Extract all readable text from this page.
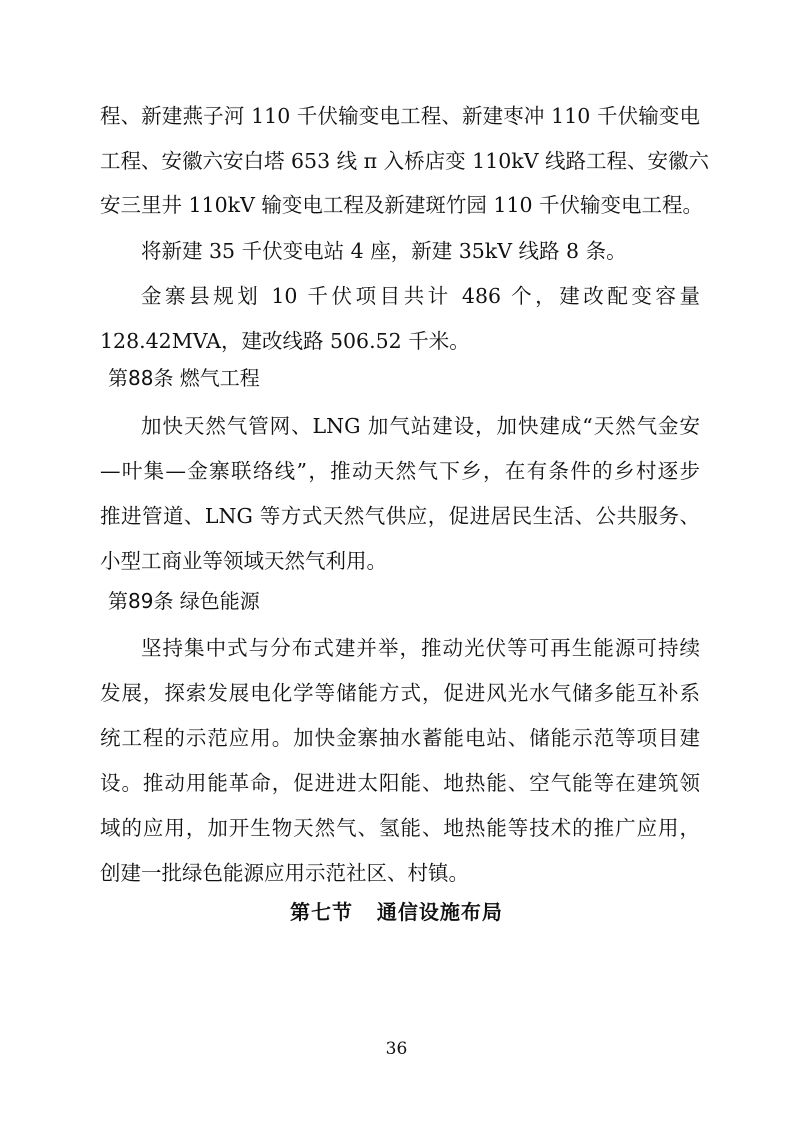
程、新建燕子河 110 千伏输变电工程、新建枣冲 110 千伏输变电
工程、安徽六安白塔 653 线 π 入桥店变 110kV 线路工程、安徽六
安三里井 110kV 输变电工程及新建斑竹园 110 千伏输变电工程。
将新建 35 千伏变电站 4 座，新建 35kV 线路 8 条。
金寨县规划 10 千伏项目共计 486 个，建改配变容量
128.42MVA，建改线路 506.52 千米。
第88条 燃气工程
加快天然气管网、LNG 加气站建设，加快建成“天然气金安
—叶集—金寨联络线”，推动天然气下乡，在有条件的乡村逐步
推进管道、LNG 等方式天然气供应，促进居民生活、公共服务、
小型工商业等领域天然气利用。
第89条 绿色能源
坚持集中式与分布式建并举，推动光伏等可再生能源可持续
发展，探索发展电化学等储能方式，促进风光水气储多能互补系
统工程的示范应用。加快金寨抽水蓄能电站、储能示范等项目建
设。推动用能革命，促进进太阳能、地热能、空气能等在建筑领
域的应用，加开生物天然气、氢能、地热能等技术的推广应用，
创建一批绿色能源应用示范社区、村镇。
第七节   通信设施布局
36
